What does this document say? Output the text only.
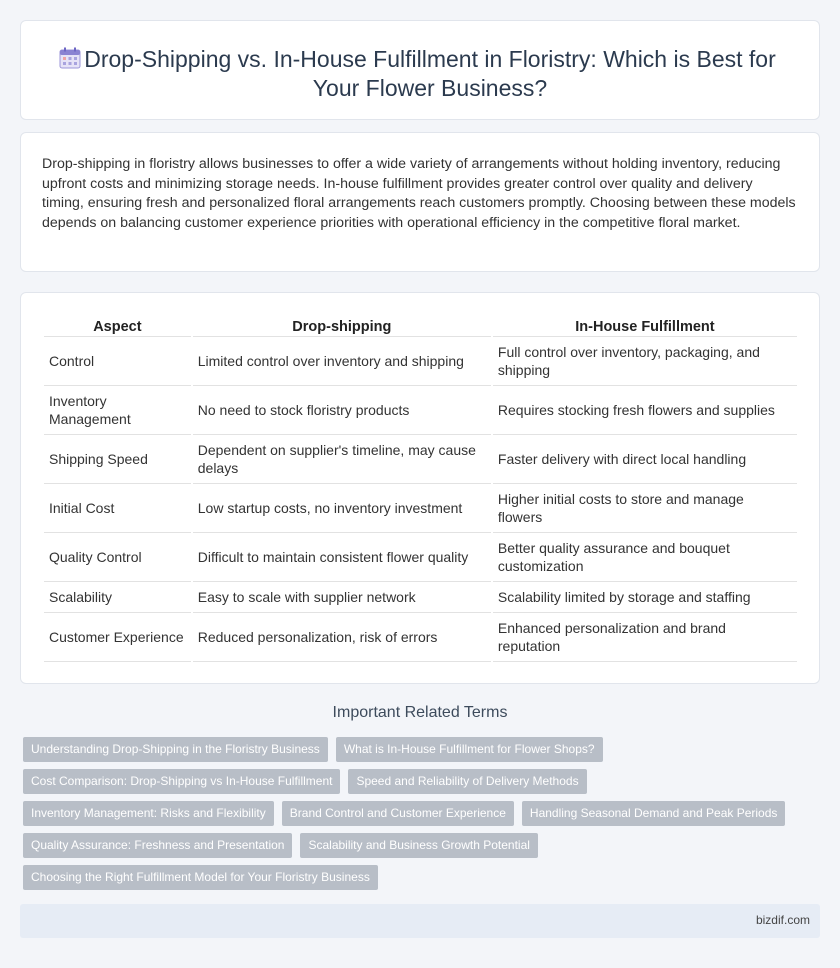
Drop-Shipping vs. In-House Fulfillment in Floristry: Which is Best for Your Flower Business?

Drop-shipping in floristry allows businesses to offer a wide variety of arrangements without holding inventory, reducing upfront costs and minimizing storage needs. In-house fulfillment provides greater control over quality and delivery timing, ensuring fresh and personalized floral arrangements reach customers promptly. Choosing between these models depends on balancing customer experience priorities with operational efficiency in the competitive floral market.

Aspect	Drop-shipping	In-House Fulfillment
Control	Limited control over inventory and shipping	Full control over inventory, packaging, and shipping
Inventory Management	No need to stock floristry products	Requires stocking fresh flowers and supplies
Shipping Speed	Dependent on supplier's timeline, may cause delays	Faster delivery with direct local handling
Initial Cost	Low startup costs, no inventory investment	Higher initial costs to store and manage flowers
Quality Control	Difficult to maintain consistent flower quality	Better quality assurance and bouquet customization
Scalability	Easy to scale with supplier network	Scalability limited by storage and staffing
Customer Experience	Reduced personalization, risk of errors	Enhanced personalization and brand reputation
Important Related Terms
Understanding Drop-Shipping in the Floristry Business	What is In-House Fulfillment for Flower Shops?
Cost Comparison: Drop-Shipping vs In-House Fulfillment	Speed and Reliability of Delivery Methods
Inventory Management: Risks and Flexibility	Brand Control and Customer Experience	Handling Seasonal Demand and Peak Periods
Quality Assurance: Freshness and Presentation	Scalability and Business Growth Potential
Choosing the Right Fulfillment Model for Your Floristry Business
bizdif.com
